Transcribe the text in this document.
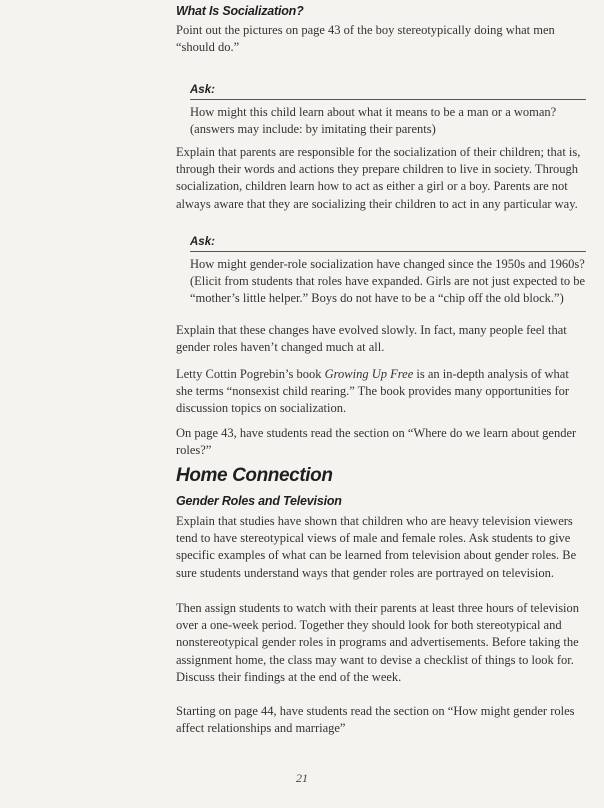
What Is Socialization?

Point out the pictures on page 43 of the boy stereotypically doing what men “should do.”

Ask:

How might this child learn about what it means to be a man or a woman? (answers may include: by imitating their parents)

Explain that parents are responsible for the socialization of their children; that is, through their words and actions they prepare children to live in society. Through socialization, children learn how to act as either a girl or a boy. Parents are not always aware that they are socializing their children to act in any particular way.

Ask:

How might gender-role socialization have changed since the 1950s and 1960s? (Elicit from students that roles have expanded. Girls are not just expected to be “mother’s little helper.” Boys do not have to be a “chip off the old block.”)

Explain that these changes have evolved slowly. In fact, many people feel that gender roles haven’t changed much at all.

Letty Cottin Pogrebin’s book Growing Up Free is an in-depth analysis of what she terms “nonsexist child rearing.” The book provides many opportunities for discussion topics on socialization.

On page 43, have students read the section on “Where do we learn about gender roles?”

Home Connection

Gender Roles and Television

Explain that studies have shown that children who are heavy television viewers tend to have stereotypical views of male and female roles. Ask students to give specific examples of what can be learned from television about gender roles. Be sure students understand ways that gender roles are portrayed on television.

Then assign students to watch with their parents at least three hours of television over a one-week period. Together they should look for both stereotypical and nonstereotypical gender roles in programs and advertisements. Before taking the assignment home, the class may want to devise a checklist of things to look for. Discuss their findings at the end of the week.

Starting on page 44, have students read the section on “How might gender roles affect relationships and marriage”

21
